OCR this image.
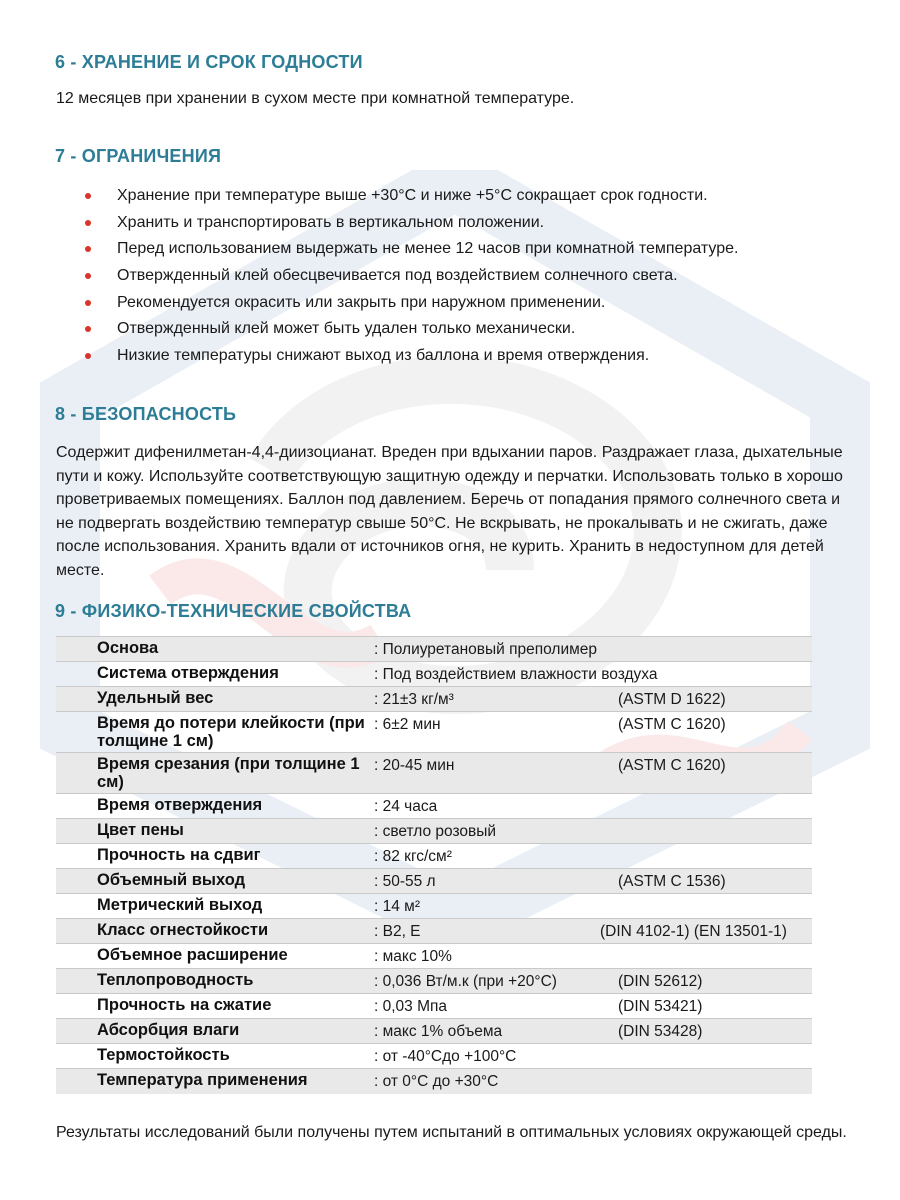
6 - ХРАНЕНИЕ И СРОК ГОДНОСТИ

12 месяцев при хранении в сухом месте при комнатной температуре.

7 - ОГРАНИЧЕНИЯ
Хранение при температуре выше +30°C и ниже +5°C сокращает срок годности.
Хранить и транспортировать в вертикальном положении.
Перед использованием выдержать не менее 12 часов при комнатной температуре.
Отвержденный клей обесцвечивается под воздействием солнечного света.
Рекомендуется окрасить или закрыть при наружном применении.
Отвержденный клей может быть удален только механически.
Низкие температуры снижают выход из баллона и время отверждения.
8 - БЕЗОПАСНОСТЬ

Содержит дифенилметан-4,4-диизоцианат. Вреден при вдыхании паров. Раздражает глаза, дыхательные пути и кожу. Используйте соответствующую защитную одежду и перчатки. Использовать только в хорошо проветриваемых помещениях. Баллон под давлением. Беречь от попадания прямого солнечного света и не подвергать воздействию температур свыше 50°C. Не вскрывать, не прокалывать и не сжигать, даже после использования. Хранить вдали от источников огня, не курить. Хранить в недоступном для детей месте.

9 - ФИЗИКО-ТЕХНИЧЕСКИЕ СВОЙСТВА
Основа	: Полиуретановый преполимер
Система отверждения	: Под воздействием влажности воздуха
Удельный вес	: 21±3 кг/м³	(ASTM D 1622)
Время до потери клейкости (при толщине 1 см)
: 6±2 мин	(ASTM C 1620)
Время срезания (при толщине 1 см)
: 20-45 мин	(ASTM C 1620)
Время отверждения	: 24 часа
Цвет пены	: светло розовый
Прочность на сдвиг	: 82 кгс/см²
Объемный выход	: 50-55 л	(ASTM C 1536)
Метрический выход	: 14 м²
Класс огнестойкости	: B2, E	(DIN 4102-1) (EN 13501-1)
Объемное расширение	: макс 10%
Теплопроводность	: 0,036 Вт/м.к (при +20°C)	(DIN 52612)
Прочность на сжатие	: 0,03 Мпа	(DIN 53421)
Абсорбция влаги	: макс 1% объема	(DIN 53428)
Термостойкость	: от -40°Сдо +100°C
Температура применения	: от 0°C до +30°C

Результаты исследований были получены путем испытаний в оптимальных условиях окружающей среды.
